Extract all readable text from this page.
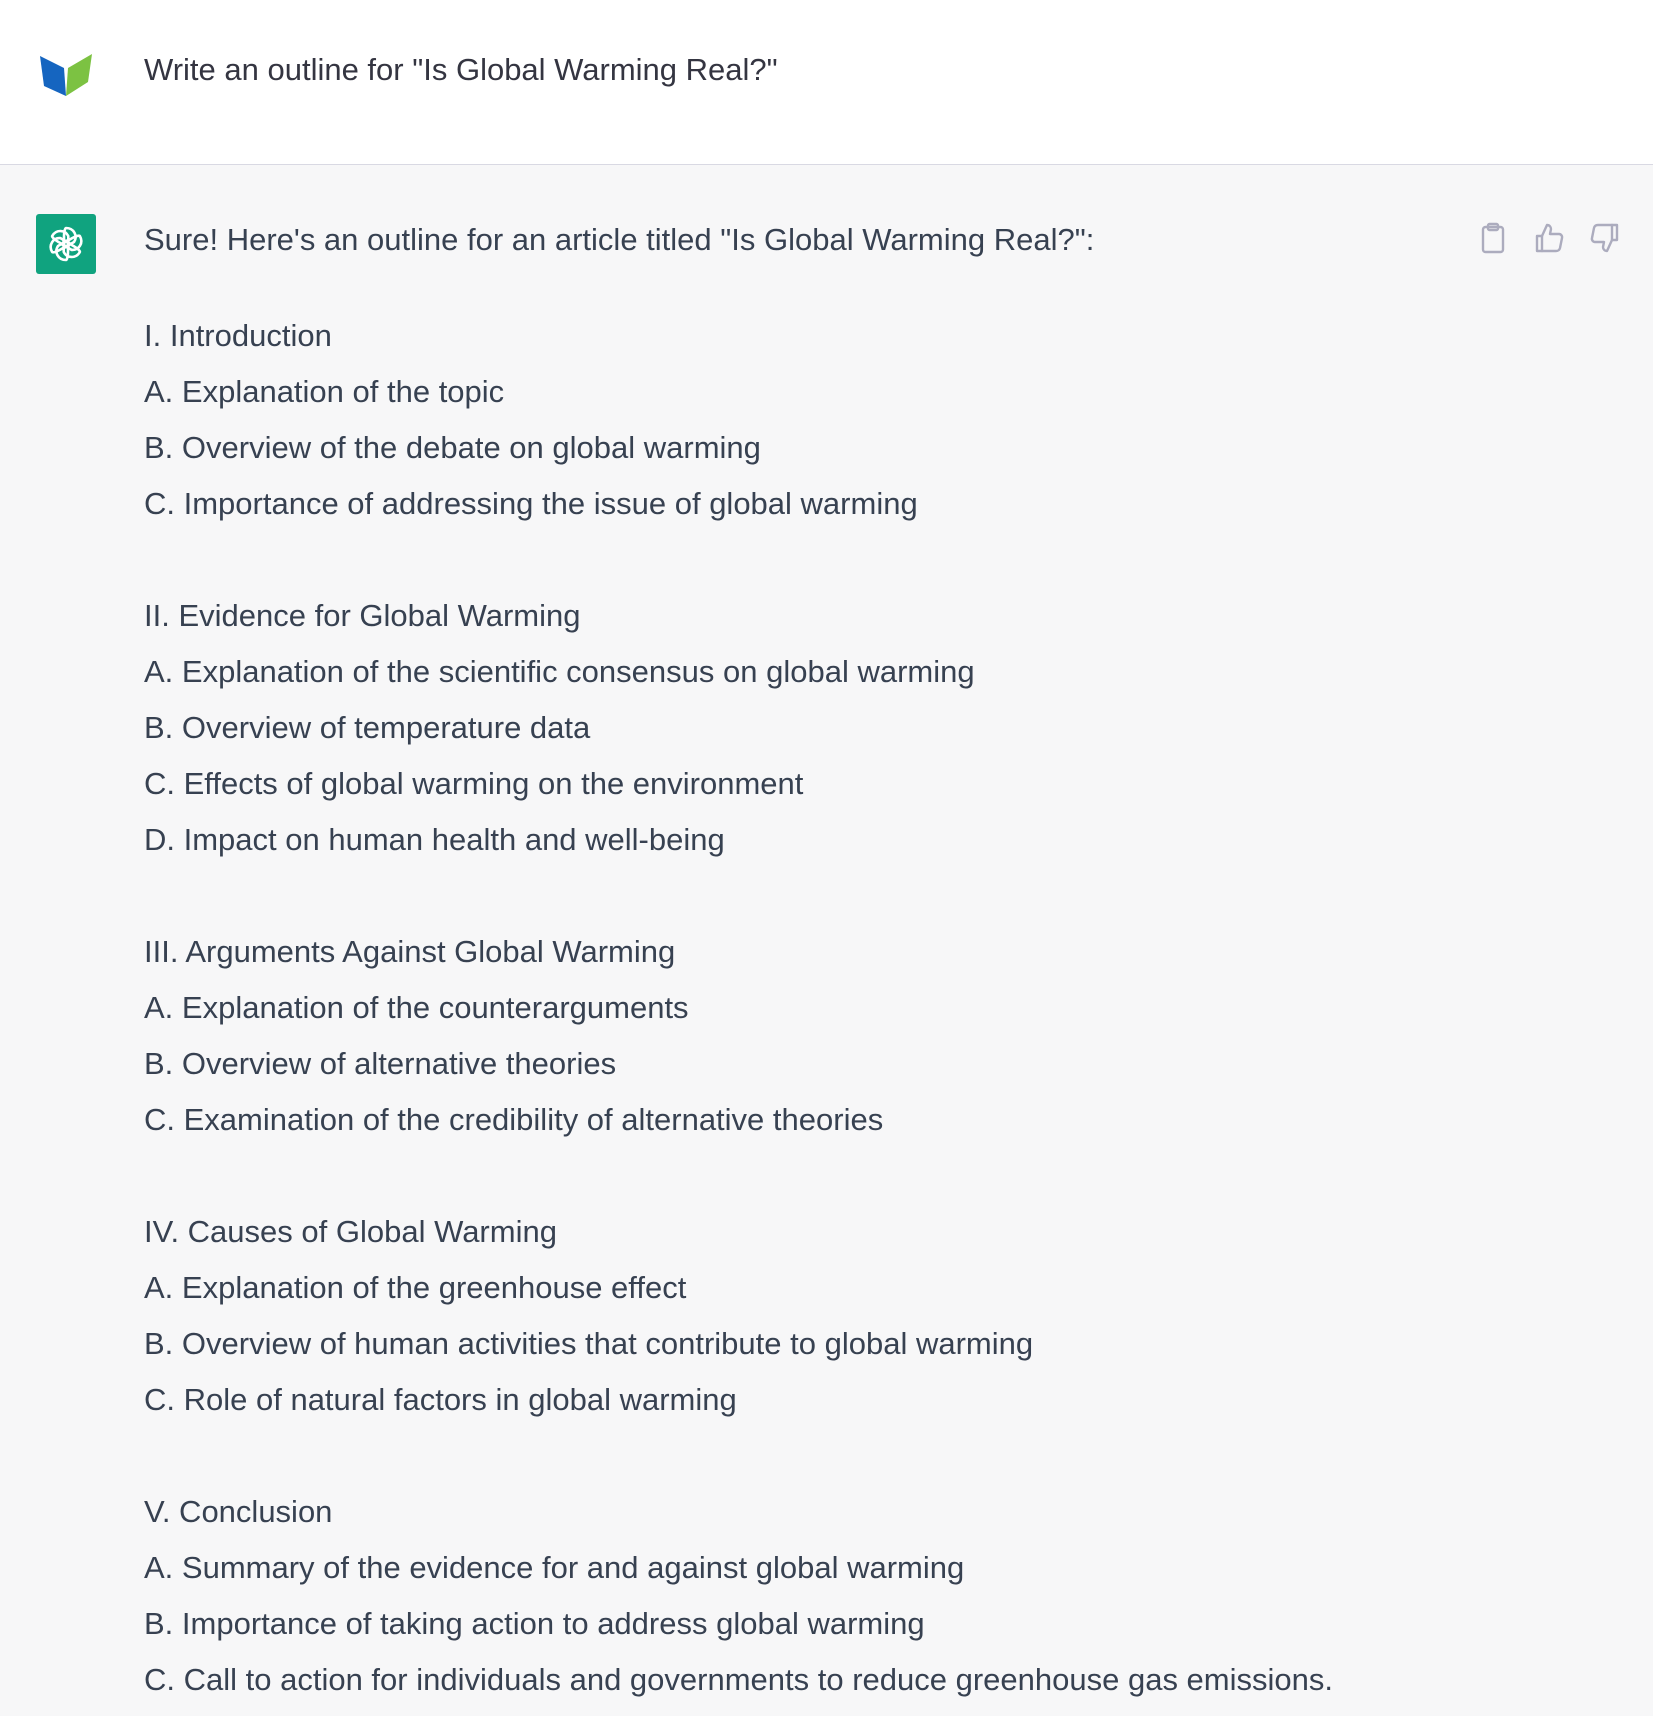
Write an outline for "Is Global Warming Real?"
Sure! Here's an outline for an article titled "Is Global Warming Real?":
I. Introduction
A. Explanation of the topic
B. Overview of the debate on global warming
C. Importance of addressing the issue of global warming
II. Evidence for Global Warming
A. Explanation of the scientific consensus on global warming
B. Overview of temperature data
C. Effects of global warming on the environment
D. Impact on human health and well-being
III. Arguments Against Global Warming
A. Explanation of the counterarguments
B. Overview of alternative theories
C. Examination of the credibility of alternative theories
IV. Causes of Global Warming
A. Explanation of the greenhouse effect
B. Overview of human activities that contribute to global warming
C. Role of natural factors in global warming
V. Conclusion
A. Summary of the evidence for and against global warming
B. Importance of taking action to address global warming
C. Call to action for individuals and governments to reduce greenhouse gas emissions.
